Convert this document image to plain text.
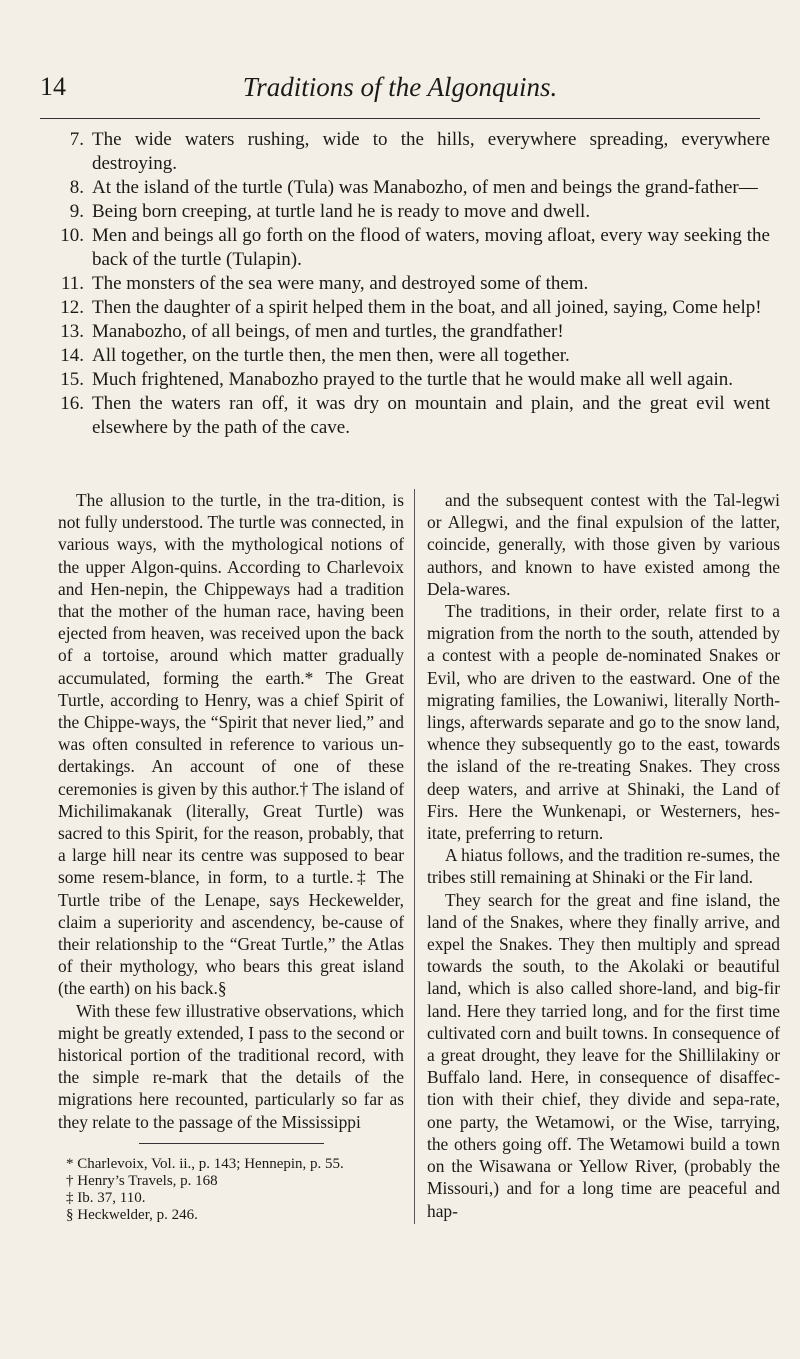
14	Traditions of the Algonquins.
7. The wide waters rushing, wide to the hills, everywhere spreading, everywhere destroying.
8. At the island of the turtle (Tula) was Manabozho, of men and beings the grand-father—
9. Being born creeping, at turtle land he is ready to move and dwell.
10. Men and beings all go forth on the flood of waters, moving afloat, every way seeking the back of the turtle (Tulapin).
11. The monsters of the sea were many, and destroyed some of them.
12. Then the daughter of a spirit helped them in the boat, and all joined, saying, Come help!
13. Manabozho, of all beings, of men and turtles, the grandfather!
14. All together, on the turtle then, the men then, were all together.
15. Much frightened, Manabozho prayed to the turtle that he would make all well again.
16. Then the waters ran off, it was dry on mountain and plain, and the great evil went elsewhere by the path of the cave.

The allusion to the turtle, in the tra-dition, is not fully understood. The turtle was connected, in various ways, with the mythological notions of the upper Algon-quins. According to Charlevoix and Hen-nepin, the Chippeways had a tradition that the mother of the human race, having been ejected from heaven, was received upon the back of a tortoise, around which matter gradually accumulated, forming the earth.* The Great Turtle, according to Henry, was a chief Spirit of the Chippe-ways, the “Spirit that never lied,” and was often consulted in reference to various un-dertakings. An account of one of these ceremonies is given by this author.† The island of Michilimakanak (literally, Great Turtle) was sacred to this Spirit, for the reason, probably, that a large hill near its centre was supposed to bear some resem-blance, in form, to a turtle.‡ The Turtle tribe of the Lenape, says Heckewelder, claim a superiority and ascendency, be-cause of their relationship to the “Great Turtle,” the Atlas of their mythology, who bears this great island (the earth) on his back.§

With these few illustrative observations, which might be greatly extended, I pass to the second or historical portion of the traditional record, with the simple re-mark that the details of the migrations here recounted, particularly so far as they relate to the passage of the Mississippi

* Charlevoix, Vol. ii., p. 143; Hennepin, p. 55.
† Henry’s Travels, p. 168
‡ Ib. 37, 110.
§ Heckwelder, p. 246.

and the subsequent contest with the Tal-legwi or Allegwi, and the final expulsion of the latter, coincide, generally, with those given by various authors, and known to have existed among the Dela-wares.

The traditions, in their order, relate first to a migration from the north to the south, attended by a contest with a people de-nominated Snakes or Evil, who are driven to the eastward. One of the migrating families, the Lowaniwi, literally North-lings, afterwards separate and go to the snow land, whence they subsequently go to the east, towards the island of the re-treating Snakes. They cross deep waters, and arrive at Shinaki, the Land of Firs. Here the Wunkenapi, or Westerners, hes-itate, preferring to return.

A hiatus follows, and the tradition re-sumes, the tribes still remaining at Shinaki or the Fir land.

They search for the great and fine island, the land of the Snakes, where they finally arrive, and expel the Snakes. They then multiply and spread towards the south, to the Akolaki or beautiful land, which is also called shore-land, and big-fir land. Here they tarried long, and for the first time cultivated corn and built towns. In consequence of a great drought, they leave for the Shillilakiny or Buffalo land. Here, in consequence of disaffec-tion with their chief, they divide and sepa-rate, one party, the Wetamowi, or the Wise, tarrying, the others going off. The Wetamowi build a town on the Wisawana or Yellow River, (probably the Missouri,) and for a long time are peaceful and hap-
